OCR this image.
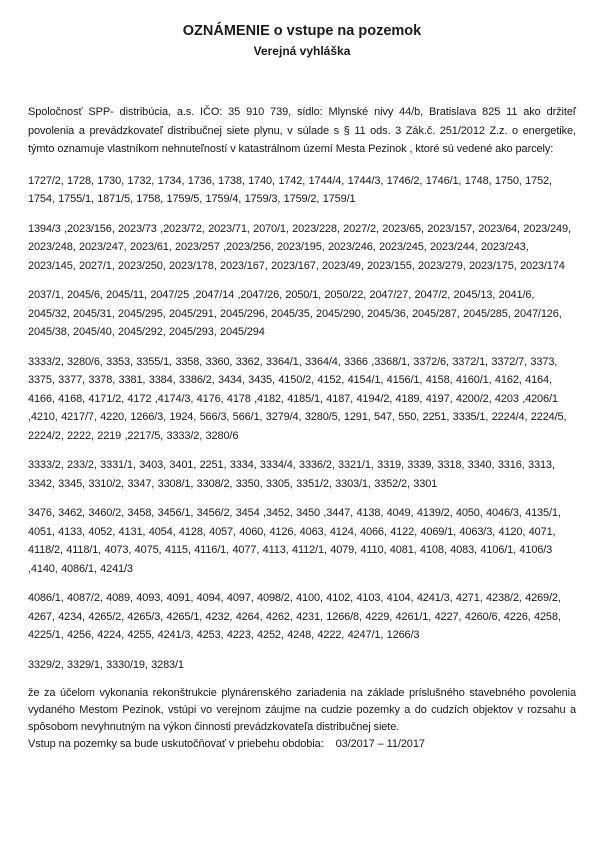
OZNÁMENIE o vstupe na pozemok
Verejná vyhláška

Spoločnosť SPP- distribúcia, a.s. IČO: 35 910 739, sídlo: Mlynské nivy 44/b, Bratislava 825 11 ako držiteľ povolenia a prevádzkovateľ distribučnej siete plynu, v súlade s § 11 ods. 3 Zák.č. 251/2012 Z.z. o energetike, týmto oznamuje vlastníkom nehnuteľností v katastrálnom území Mesta Pezinok , ktoré sú vedené ako parcely:

1727/2, 1728, 1730, 1732, 1734, 1736, 1738, 1740, 1742, 1744/4, 1744/3, 1746/2, 1746/1, 1748, 1750, 1752, 1754, 1755/1, 1871/5, 1758, 1759/5, 1759/4, 1759/3, 1759/2, 1759/1

1394/3 ,2023/156, 2023/73 ,2023/72, 2023/71, 2070/1, 2023/228, 2027/2, 2023/65, 2023/157, 2023/64, 2023/249, 2023/248, 2023/247, 2023/61, 2023/257 ,2023/256, 2023/195, 2023/246, 2023/245, 2023/244, 2023/243, 2023/145, 2027/1, 2023/250, 2023/178, 2023/167, 2023/167, 2023/49, 2023/155, 2023/279, 2023/175, 2023/174

2037/1, 2045/6, 2045/11, 2047/25 ,2047/14 ,2047/26, 2050/1, 2050/22, 2047/27, 2047/2, 2045/13, 2041/6, 2045/32, 2045/31, 2045/295, 2045/291, 2045/296, 2045/35, 2045/290, 2045/36, 2045/287, 2045/285, 2047/126, 2045/38, 2045/40, 2045/292, 2045/293, 2045/294

3333/2, 3280/6, 3353, 3355/1, 3358, 3360, 3362, 3364/1, 3364/4, 3366 ,3368/1, 3372/6, 3372/1, 3372/7, 3373, 3375, 3377, 3378, 3381, 3384, 3386/2, 3434, 3435, 4150/2, 4152, 4154/1, 4156/1, 4158, 4160/1, 4162, 4164, 4166, 4168, 4171/2, 4172 ,4174/3, 4176, 4178 ,4182, 4185/1, 4187, 4194/2, 4189, 4197, 4200/2, 4203 ,4206/1 ,4210, 4217/7, 4220, 1266/3, 1924, 566/3, 566/1, 3279/4, 3280/5, 1291, 547, 550, 2251, 3335/1, 2224/4, 2224/5, 2224/2, 2222, 2219 ,2217/5, 3333/2, 3280/6

3333/2, 233/2, 3331/1, 3403, 3401, 2251, 3334, 3334/4, 3336/2, 3321/1, 3319, 3339, 3318, 3340, 3316, 3313, 3342, 3345, 3310/2, 3347, 3308/1, 3308/2, 3350, 3305, 3351/2, 3303/1, 3352/2, 3301

3476, 3462, 3460/2, 3458, 3456/1, 3456/2, 3454 ,3452, 3450 ,3447, 4138, 4049, 4139/2, 4050, 4046/3, 4135/1, 4051, 4133, 4052, 4131, 4054, 4128, 4057, 4060, 4126, 4063, 4124, 4066, 4122, 4069/1, 4063/3, 4120, 4071, 4118/2, 4118/1, 4073, 4075, 4115, 4116/1, 4077, 4113, 4112/1, 4079, 4110, 4081, 4108, 4083, 4106/1, 4106/3 ,4140, 4086/1, 4241/3

4086/1, 4087/2, 4089, 4093, 4091, 4094, 4097, 4098/2, 4100, 4102, 4103, 4104, 4241/3, 4271, 4238/2, 4269/2, 4267, 4234, 4265/2, 4265/3, 4265/1, 4232, 4264, 4262, 4231, 1266/8, 4229, 4261/1, 4227, 4260/6, 4226, 4258, 4225/1, 4256, 4224, 4255, 4241/3, 4253, 4223, 4252, 4248, 4222, 4247/1, 1266/3

3329/2, 3329/1, 3330/19, 3283/1

že za účelom vykonania rekonštrukcie plynárenského zariadenia na základe príslušného stavebného povolenia vydaného Mestom Pezinok, vstúpi vo verejnom záujme na cudzie pozemky a do cudzích objektov v rozsahu a spôsobom nevyhnutným na výkon činnosti prevádzkovateľa distribučnej siete.
Vstup na pozemky sa bude uskutočňovať v priebehu obdobia: 03/2017 – 11/2017
